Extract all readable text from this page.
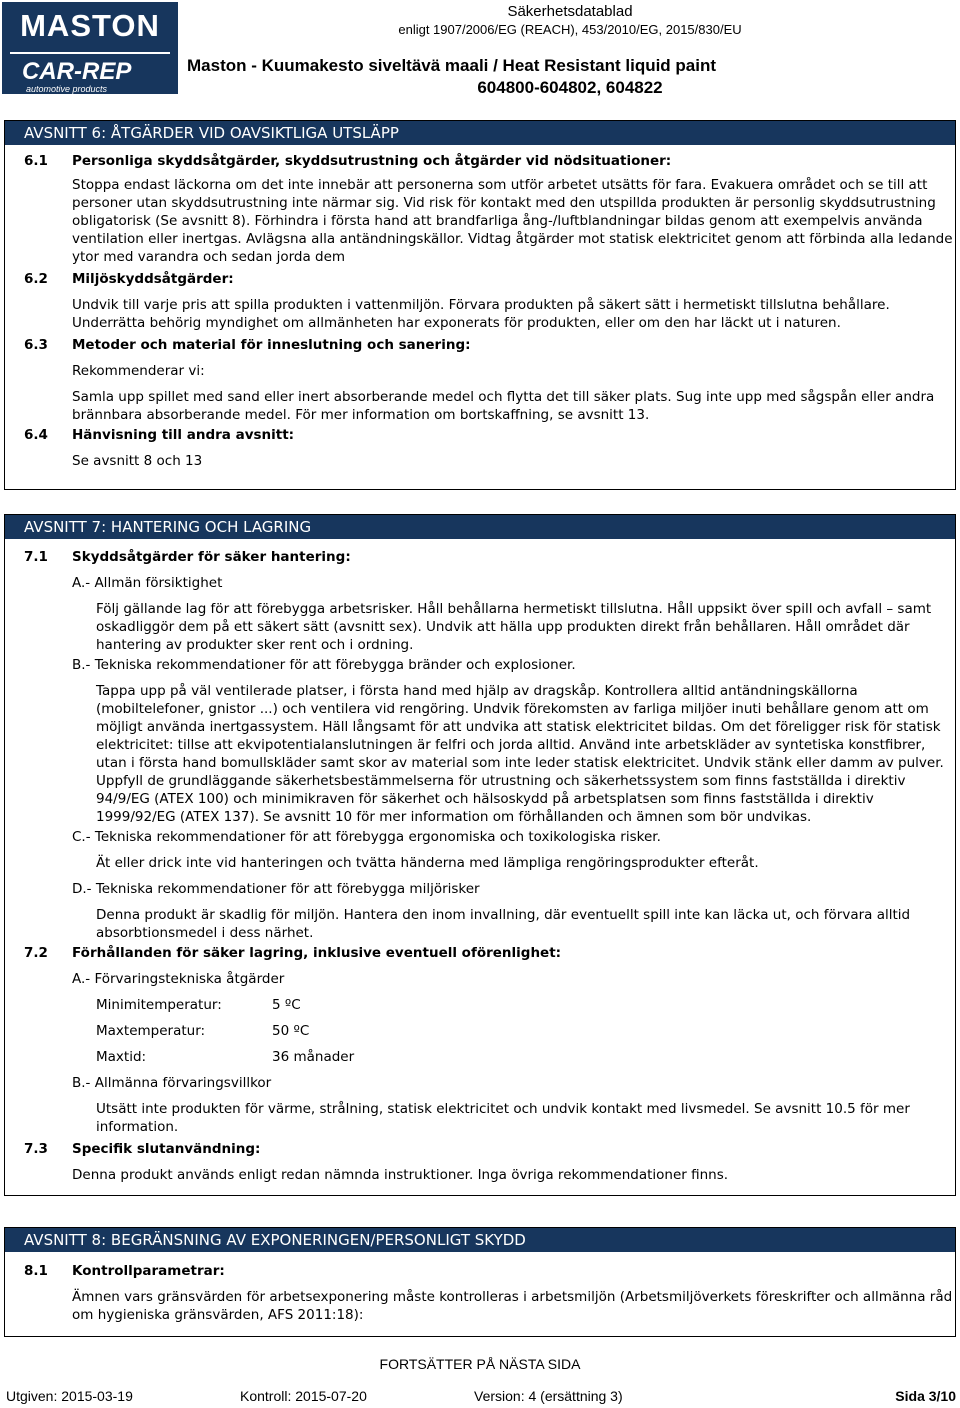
MASTON
CAR-REP
automotive products
Säkerhetsdatablad
enligt 1907/2006/EG (REACH), 453/2010/EG, 2015/830/EU
Maston - Kuumakesto siveltävä maali / Heat Resistant liquid paint
604800-604802, 604822
AVSNITT 6: ÅTGÄRDER VID OAVSIKTLIGA UTSLÄPP
6.1 Personliga skyddsåtgärder, skyddsutrustning och åtgärder vid nödsituationer:
Stoppa endast läckorna om det inte innebär att personerna som utför arbetet utsätts för fara. Evakuera området och se till att
personer utan skyddsutrustning inte närmar sig. Vid risk för kontakt med den utspillda produkten är personlig skyddsutrustning
obligatorisk (Se avsnitt 8). Förhindra i första hand att brandfarliga ång-/luftblandningar bildas genom att exempelvis använda
ventilation eller inertgas. Avlägsna alla antändningskällor. Vidtag åtgärder mot statisk elektricitet genom att förbinda alla ledande
ytor med varandra och sedan jorda dem
6.2 Miljöskyddsåtgärder:
Undvik till varje pris att spilla produkten i vattenmiljön. Förvara produkten på säkert sätt i hermetiskt tillslutna behållare.
Underrätta behörig myndighet om allmänheten har exponerats för produkten, eller om den har läckt ut i naturen.
6.3 Metoder och material för inneslutning och sanering:
Rekommenderar vi:
Samla upp spillet med sand eller inert absorberande medel och flytta det till säker plats. Sug inte upp med sågspån eller andra
brännbara absorberande medel. För mer information om bortskaffning, se avsnitt 13.
6.4 Hänvisning till andra avsnitt:
Se avsnitt 8 och 13
AVSNITT 7: HANTERING OCH LAGRING
7.1 Skyddsåtgärder för säker hantering:
A.- Allmän försiktighet
Följ gällande lag för att förebygga arbetsrisker. Håll behållarna hermetiskt tillslutna. Håll uppsikt över spill och avfall – samt
oskadliggör dem på ett säkert sätt (avsnitt sex). Undvik att hälla upp produkten direkt från behållaren. Håll området där
hantering av produkter sker rent och i ordning.
B.- Tekniska rekommendationer för att förebygga bränder och explosioner.
Tappa upp på väl ventilerade platser, i första hand med hjälp av dragskåp. Kontrollera alltid antändningskällorna
(mobiltelefoner, gnistor ...) och ventilera vid rengöring. Undvik förekomsten av farliga miljöer inuti behållare genom att om
möjligt använda inertgassystem. Häll långsamt för att undvika att statisk elektricitet bildas. Om det föreligger risk för statisk
elektricitet: tillse att ekvipotentialanslutningen är felfri och jorda alltid. Använd inte arbetskläder av syntetiska konstfibrer,
utan i första hand bomullskläder samt skor av material som inte leder statisk elektricitet. Undvik stänk eller damm av pulver.
Uppfyll de grundläggande säkerhetsbestämmelserna för utrustning och säkerhetssystem som finns fastställda i direktiv
94/9/EG (ATEX 100) och minimikraven för säkerhet och hälsoskydd på arbetsplatsen som finns fastställda i direktiv
1999/92/EG (ATEX 137). Se avsnitt 10 för mer information om förhållanden och ämnen som bör undvikas.
C.- Tekniska rekommendationer för att förebygga ergonomiska och toxikologiska risker.
Ät eller drick inte vid hanteringen och tvätta händerna med lämpliga rengöringsprodukter efteråt.
D.- Tekniska rekommendationer för att förebygga miljörisker
Denna produkt är skadlig för miljön. Hantera den inom invallning, där eventuellt spill inte kan läcka ut, och förvara alltid
absorbtionsmedel i dess närhet.
7.2 Förhållanden för säker lagring, inklusive eventuell oförenlighet:
A.- Förvaringstekniska åtgärder
Minimitemperatur:	5 ºC
Maxtemperatur:	50 ºC
Maxtid:	36 månader
B.- Allmänna förvaringsvillkor
Utsätt inte produkten för värme, strålning, statisk elektricitet och undvik kontakt med livsmedel. Se avsnitt 10.5 för mer
information.
7.3 Specifik slutanvändning:
Denna produkt används enligt redan nämnda instruktioner. Inga övriga rekommendationer finns.
AVSNITT 8: BEGRÄNSNING AV EXPONERINGEN/PERSONLIGT SKYDD
8.1 Kontrollparametrar:
Ämnen vars gränsvärden för arbetsexponering måste kontrolleras i arbetsmiljön (Arbetsmiljöverkets föreskrifter och allmänna råd
om hygieniska gränsvärden, AFS 2011:18):
FORTSÄTTER PÅ NÄSTA SIDA
Utgiven: 2015-03-19	Kontroll: 2015-07-20	Version: 4 (ersättning 3)	Sida 3/10
